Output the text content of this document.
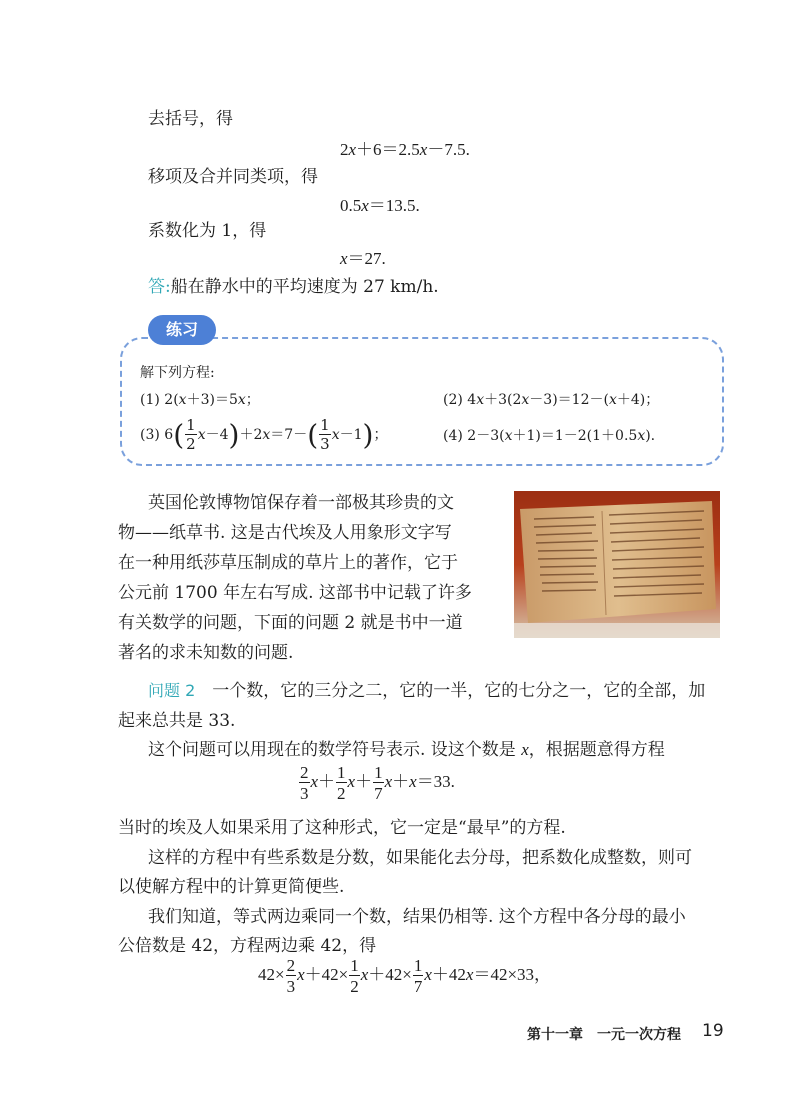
去括号，得
2x＋6＝2.5x－7.5.
移项及合并同类项，得
0.5x＝13.5.
系数化为 1，得
x＝27.
答:船在静水中的平均速度为 27 km/h.
练习
解下列方程:
(1) 2(x＋3)＝5x；	(2) 4x＋3(2x－3)＝12－(x＋4)；
(3) $6( \frac{1}{2} x-4)+2x=7-( \frac{1}{3} x-1)$；	(4) 2－3(x＋1)＝1－2(1＋0.5x).
英国伦敦博物馆保存着一部极其珍贵的文
物——纸草书. 这是古代埃及人用象形文字写
在一种用纸莎草压制成的草片上的著作，它于
公元前 1700 年左右写成. 这部书中记载了许多
有关数学的问题，下面的问题 2 就是书中一道
著名的求未知数的问题.
问题 2　 一个数，它的三分之二，它的一半，它的七分之一，它的全部，加
起来总共是 33.
这个问题可以用现在的数学符号表示. 设这个数是 x，根据题意得方程
$\frac{2}{3} x+ \frac{1}{2} x+ \frac{1}{7} x+x=33$.
当时的埃及人如果采用了这种形式，它一定是“最早”的方程.
这样的方程中有些系数是分数，如果能化去分母，把系数化成整数，则可
以使解方程中的计算更简便些.
我们知道，等式两边乘同一个数，结果仍相等. 这个方程中各分母的最小
公倍数是 42，方程两边乘 42，得
$42\times \frac{2}{3} x+42\times \frac{1}{2} x+42\times \frac{1}{7} x+42x=42\times 33$，
第十一章　一元一次方程 19
